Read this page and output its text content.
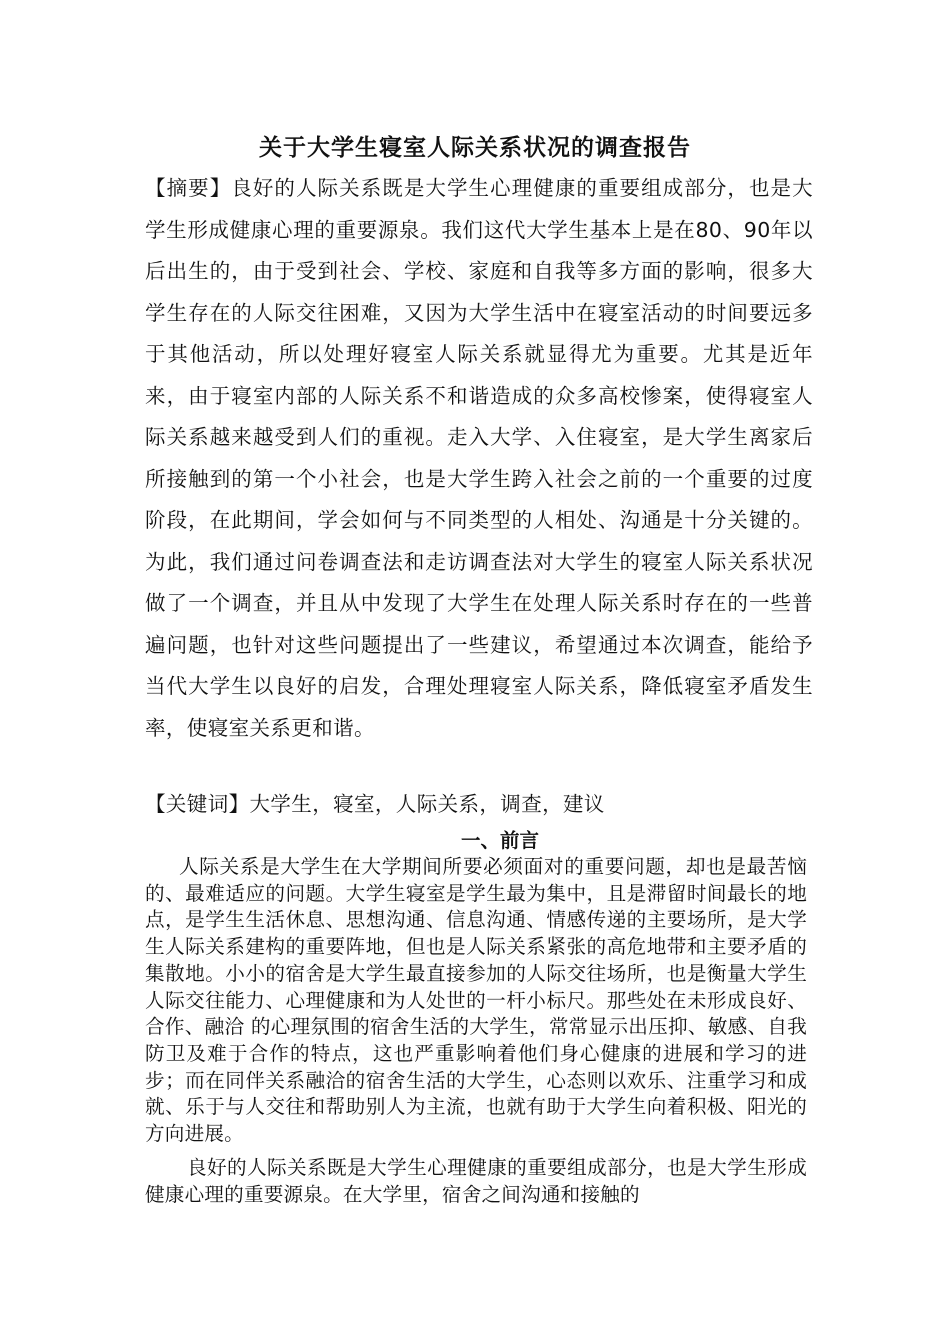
关于大学生寝室人际关系状况的调查报告

【摘要】良好的人际关系既是大学生心理健康的重要组成部分，也是大学生形成健康心理的重要源泉。我们这代大学生基本上是在80、90年以后出生的，由于受到社会、学校、家庭和自我等多方面的影响，很多大学生存在的人际交往困难，又因为大学生活中在寝室活动的时间要远多于其他活动，所以处理好寝室人际关系就显得尤为重要。尤其是近年来，由于寝室内部的人际关系不和谐造成的众多高校惨案，使得寝室人际关系越来越受到人们的重视。走入大学、入住寝室，是大学生离家后所接触到的第一个小社会，也是大学生跨入社会之前的一个重要的过度阶段，在此期间，学会如何与不同类型的人相处、沟通是十分关键的。为此，我们通过问卷调查法和走访调查法对大学生的寝室人际关系状况做了一个调查，并且从中发现了大学生在处理人际关系时存在的一些普遍问题，也针对这些问题提出了一些建议，希望通过本次调查，能给予当代大学生以良好的启发，合理处理寝室人际关系，降低寝室矛盾发生率，使寝室关系更和谐。

【关键词】大学生，寝室，人际关系，调查，建议

一、前言

人际关系是大学生在大学期间所要必须面对的重要问题，却也是最苦恼的、最难适应的问题。大学生寝室是学生最为集中，且是滞留时间最长的地点，是学生生活休息、思想沟通、信息沟通、情感传递的主要场所，是大学生人际关系建构的重要阵地，但也是人际关系紧张的高危地带和主要矛盾的集散地。小小的宿舍是大学生最直接参加的人际交往场所，也是衡量大学生人际交往能力、心理健康和为人处世的一杆小标尺。那些处在未形成良好、合作、融洽 的心理氛围的宿舍生活的大学生，常常显示出压抑、敏感、自我防卫及难于合作的特点，这也严重影响着他们身心健康的进展和学习的进步；而在同伴关系融洽的宿舍生活的大学生，心态则以欢乐、注重学习和成就、乐于与人交往和帮助别人为主流，也就有助于大学生向着积极、阳光的方向进展。

良好的人际关系既是大学生心理健康的重要组成部分，也是大学生形成健康心理的重要源泉。在大学里，宿舍之间沟通和接触的
